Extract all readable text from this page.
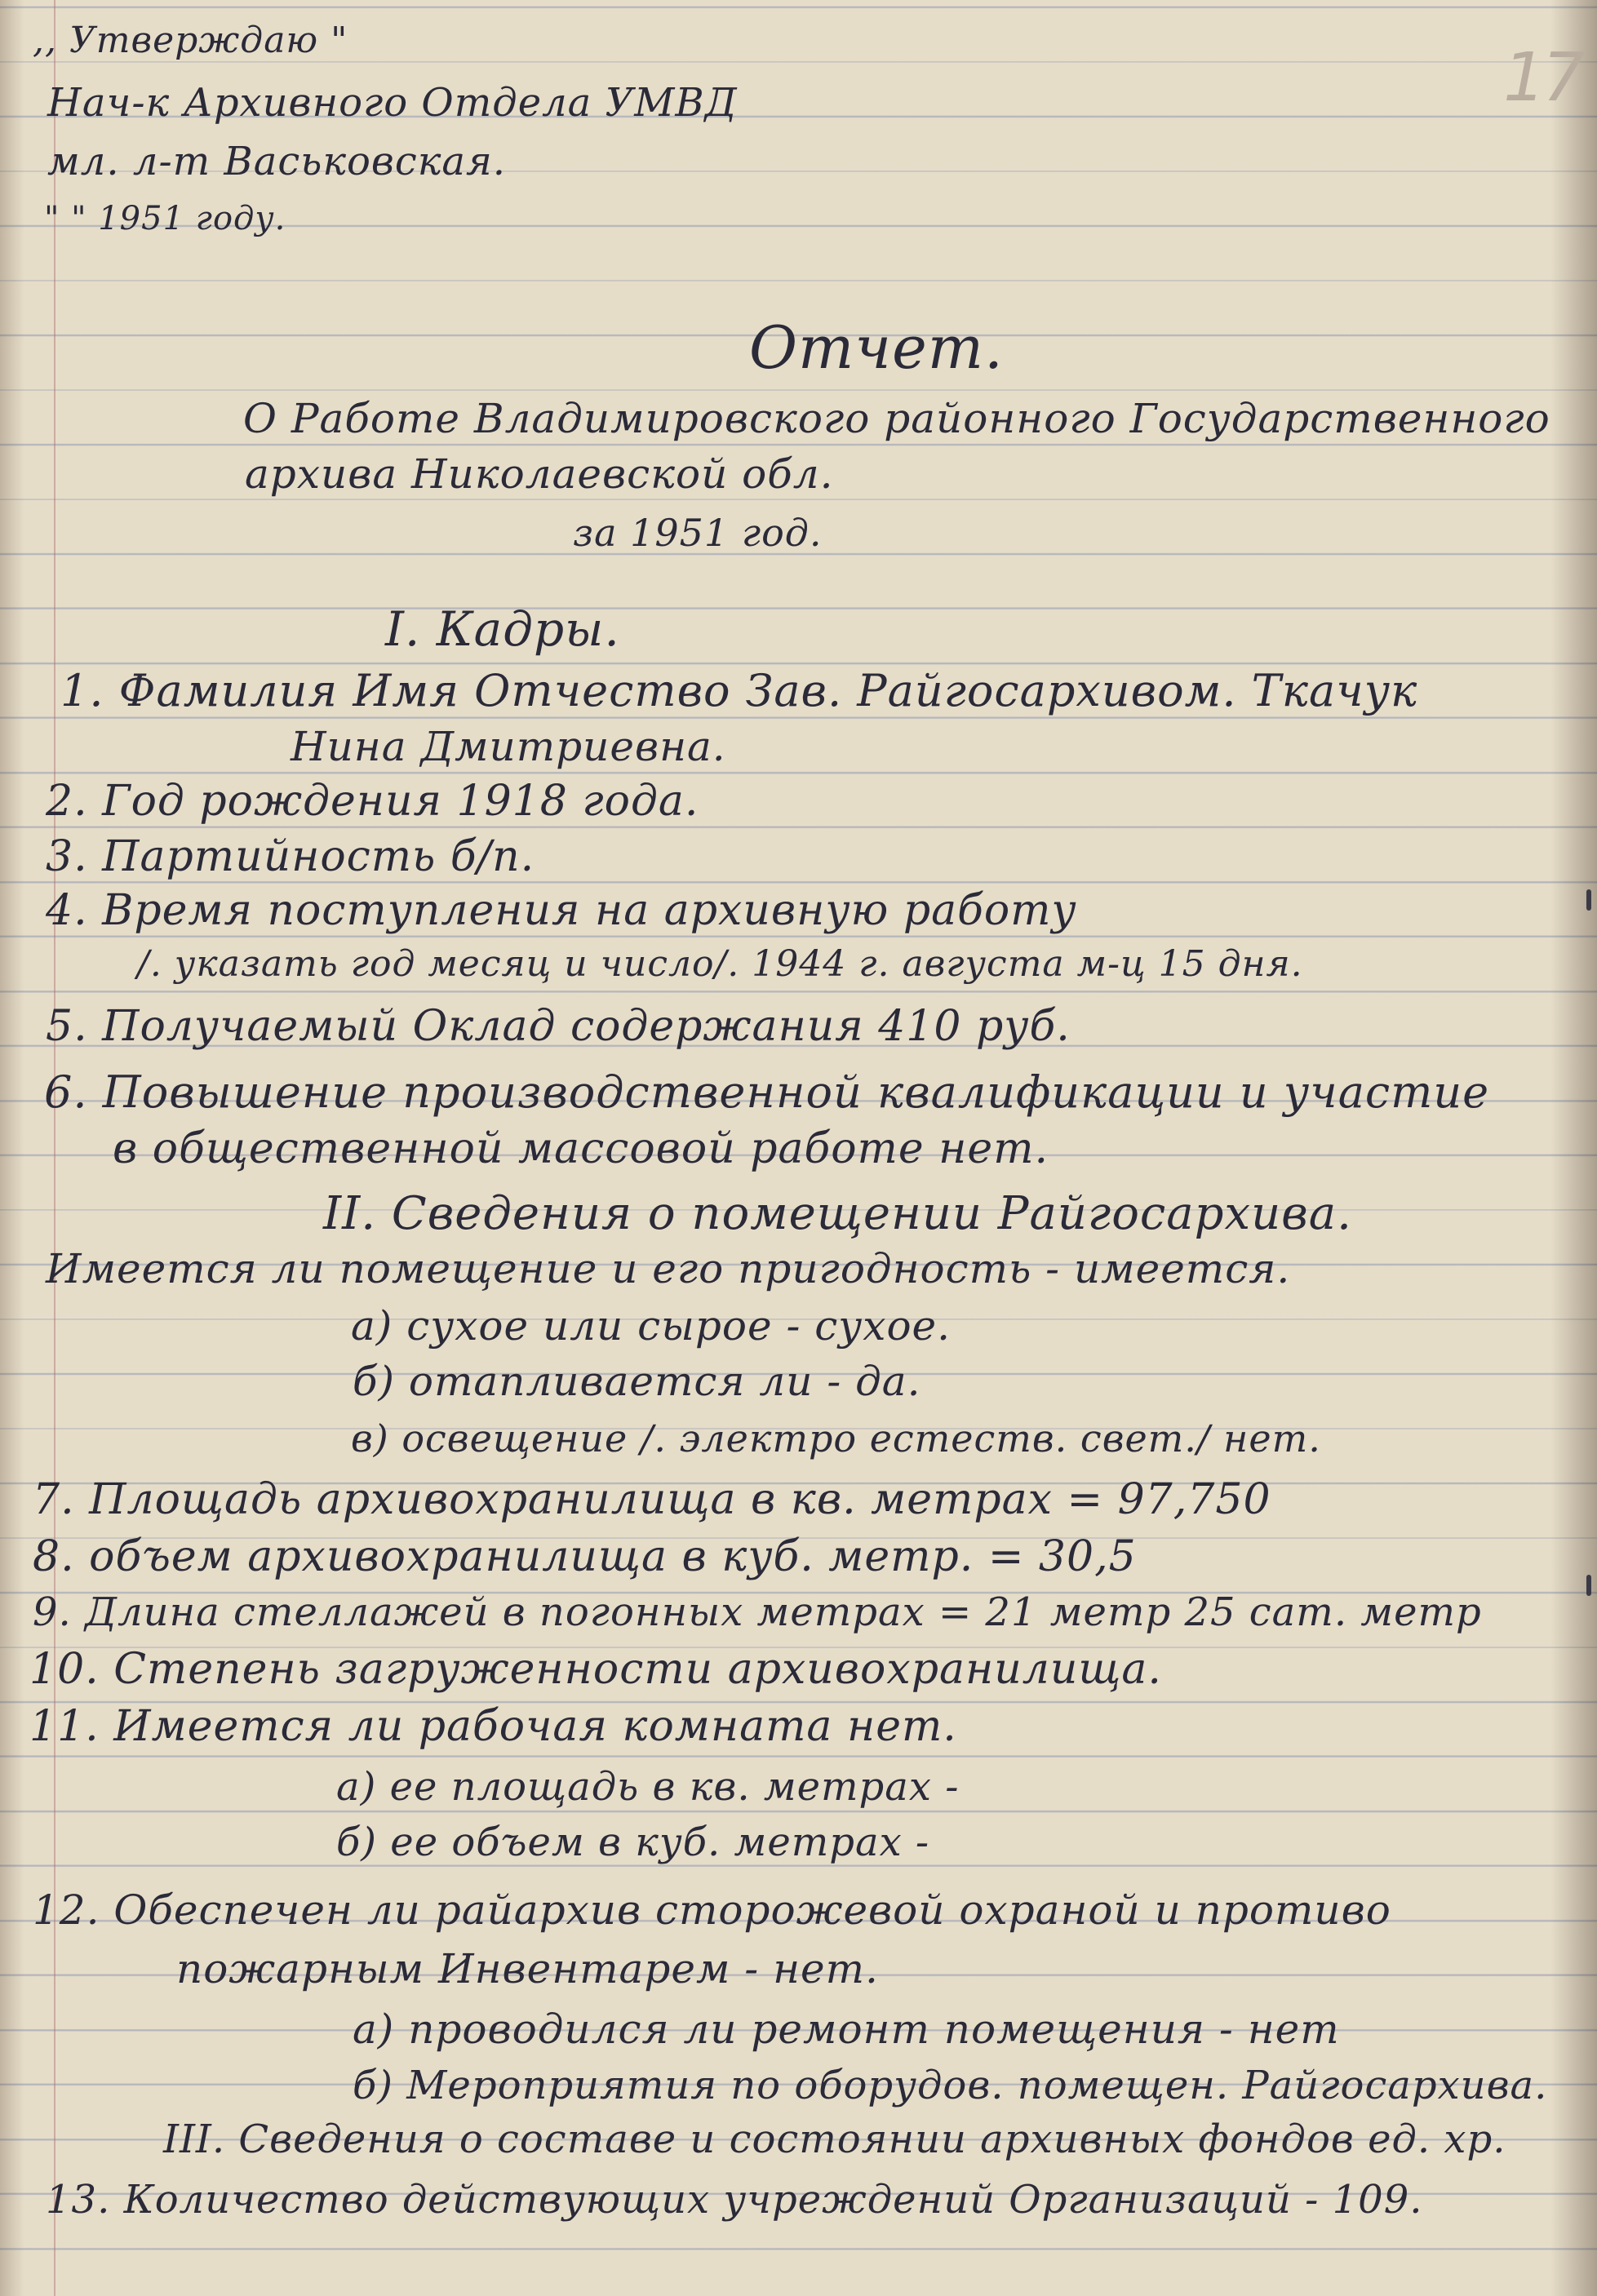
17
,, Утверждаю "
Нач-к Архивного Отдела УМВД
мл. л-т Васьковская.
" " 1951 году.
Отчет.
О Работе Владимировского районного Государственного
архива Николаевской обл.
за 1951 год.
I. Кадры.
1. Фамилия Имя Отчество Зав. Райгосархивом. Ткачук
Нина Дмитриевна.
2. Год рождения 1918 года.
3. Партийность б/п.
4. Время поступления на архивную работу
/. указать год месяц и число/. 1944 г. августа м-ц 15 дня.
5. Получаемый Оклад содержания 410 руб.
6. Повышение производственной квалификации и участие
в общественной массовой работе нет.
II. Сведения о помещении Райгосархива.
Имеется ли помещение и его пригодность - имеется.
а) сухое или сырое - сухое.
б) отапливается ли - да.
в) освещение /. электро естеств. свет./ нет.
7. Площадь архивохранилища в кв. метрах = 97,750
8. объем архивохранилища в куб. метр. = 30,5
9. Длина стеллажей в погонных метрах = 21 метр 25 сат. метр
10. Степень загруженности архивохранилища.
11. Имеется ли рабочая комната нет.
а) ее площадь в кв. метрах -
б) ее объем в куб. метрах -
12. Обеспечен ли райархив сторожевой охраной и противо
пожарным Инвентарем - нет.
а) проводился ли ремонт помещения - нет
б) Мероприятия по оборудов. помещен. Райгосархива.
III. Сведения о составе и состоянии архивных фондов ед. хр.
13. Количество действующих учреждений Организаций - 109.
